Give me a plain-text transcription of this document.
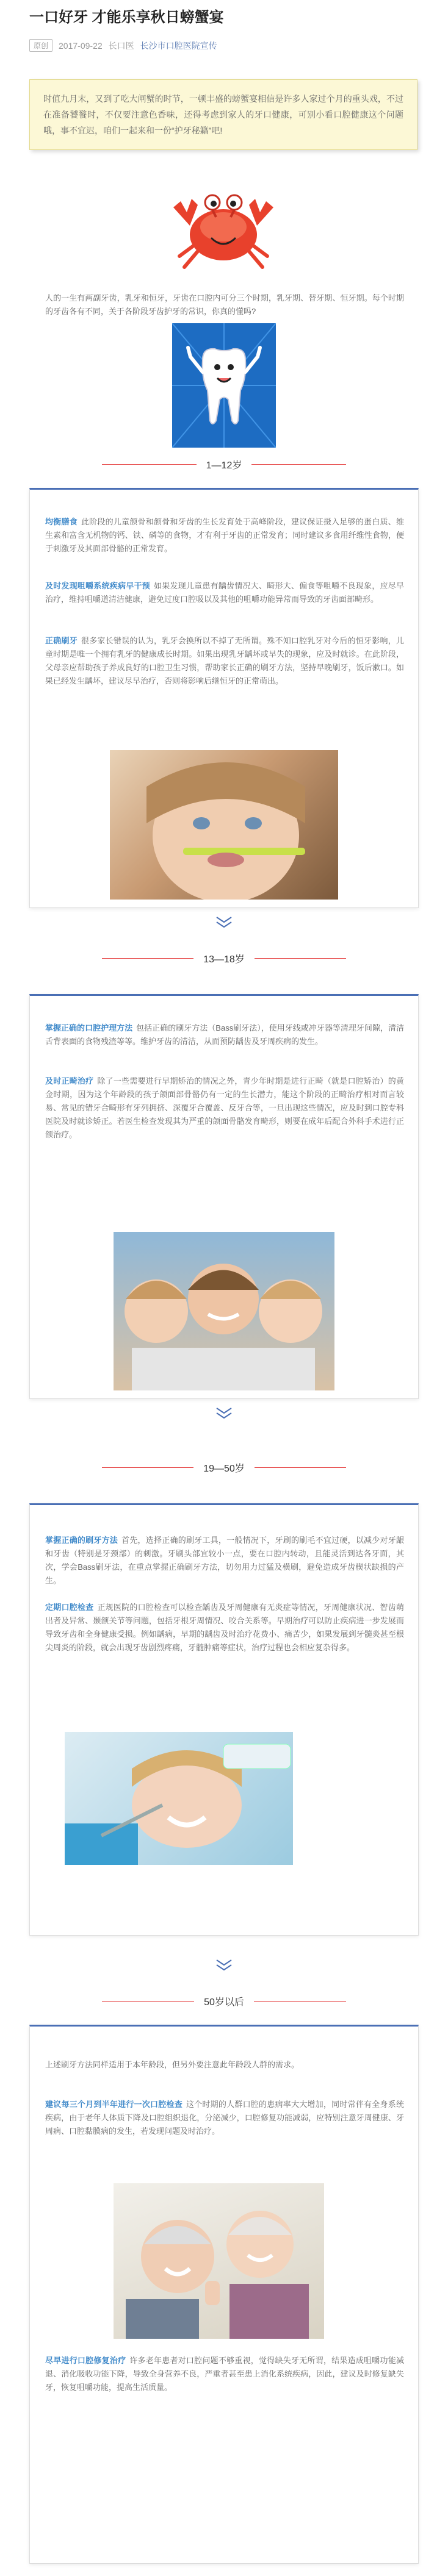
一口好牙 才能乐享秋日螃蟹宴
原创	2017-09-22 长口医 长沙市口腔医院宣传
时值九月末，又到了吃大闸蟹的时节，一顿丰盛的螃蟹宴相信是许多人家过个月的重头戏，不过在准备饕餮时，不仅要注意色香味，还得考虑到家人的牙口健康，可别小看口腔健康这个问题哦，事不宜迟，咱们一起来和一份“护牙秘籍”吧!
人的一生有两副牙齿，乳牙和恒牙，牙齿在口腔内可分三个时期，乳牙期、替牙期、恒牙期。每个时期的牙齿各有不同，关于各阶段牙齿护牙的常识，你真的懂吗?
1—12岁
均衡膳食 此阶段的儿童颌骨和颌骨和牙齿的生长发育处于高峰阶段，建议保证摄入足够的蛋白质、维生素和富含无机物的钙、铁、磷等的食物，才有利于牙齿的正常发育；同时建议多食用纤维性食物，便于刺激牙及其面部骨骼的正常发育。
及时发现咀嚼系统疾病早干预 如果发现儿童患有龋齿情况大、畸形大、偏食等咀嚼不良现象，应尽早治疗，维持咀嚼道清洁健康，避免过度口腔吸以及其他的咀嚼功能异常而导致的牙齿面部畸形。
正确刷牙 很多家长错误的认为，乳牙会换所以不掉了无所谓。殊不知口腔乳牙对今后的恒牙影响，儿童时期是唯一个拥有乳牙的健康成长时期。如果出现乳牙龋坏或早失的现象，应及时就诊。在此阶段，父母亲应帮助孩子养成良好的口腔卫生习惯，帮助家长正确的刷牙方法，坚持早晚刷牙，饭后漱口。如果已经发生龋坏，建议尽早治疗，否则将影响后继恒牙的正常萌出。
13—18岁
掌握正确的口腔护理方法 包括正确的刷牙方法（Bass刷牙法），使用牙线或冲牙器等清理牙间隙，清洁舌背表面的食物残渣等等。维护牙齿的清洁，从而预防龋齿及牙周疾病的发生。
及时正畸治疗 除了一些需要进行早期矫治的情况之外，青少年时期是进行正畸（就是口腔矫治）的黄金时期，因为这个年龄段的孩子颌面部骨骼仍有一定的生长潜力，能这个阶段的正畸治疗相对而言较易、常见的错牙合畸形有牙列拥挤、深覆牙合覆盖、反牙合等，一旦出现这些情况，应及时到口腔专科医院及时就诊矫正。若医生检查发现其为严重的颌面骨骼发育畸形，则要在成年后配合外科手术进行正颌治疗。
19—50岁
掌握正确的刷牙方法 首先，选择正确的刷牙工具，一般情况下，牙刷的刷毛不宜过硬，以减少对牙龈和牙齿（特别是牙颈部）的刺激。牙刷头部宜较小一点，要在口腔内转动，且能灵活到达各牙面，其次，学会Bass刷牙法，在重点掌握正确刷牙方法，切勿用力过猛及横刷，避免造成牙齿楔状缺损的产生。
定期口腔检查 正规医院的口腔检查可以检查龋齿及牙周健康有无炎症等情况，牙周健康状况、智齿萌出者及异常、颞颌关节等问题，包括牙根牙周情况、咬合关系等。早期治疗可以防止疾病进一步发展而导致牙齿和全身健康受损。例如龋病，早期的龋齿及时治疗花费小、痛苦少，如果发展到牙髓炎甚至根尖周炎的阶段，就会出现牙齿剧烈疼痛，牙髓肿痛等症状，治疗过程也会相应复杂得多。
50岁以后
上述刷牙方法同样适用于本年龄段，但另外要注意此年龄段人群的需求。
建议每三个月到半年进行一次口腔检查 这个时期的人群口腔的患病率大大增加，同时常伴有全身系统疾病，由于老年人体质下降及口腔组织退化，分泌减少，口腔修复功能减弱，应特别注意牙周健康、牙周病、口腔黏膜病的发生，若发现问题及时治疗。
尽早进行口腔修复治疗 许多老年患者对口腔问题不够重视，觉得缺失牙无所谓，结果造成咀嚼功能减退、消化吸收功能下降，导致全身营养不良，严重者甚至患上消化系统疾病，因此，建议及时修复缺失牙，恢复咀嚼功能，提高生活质量。
